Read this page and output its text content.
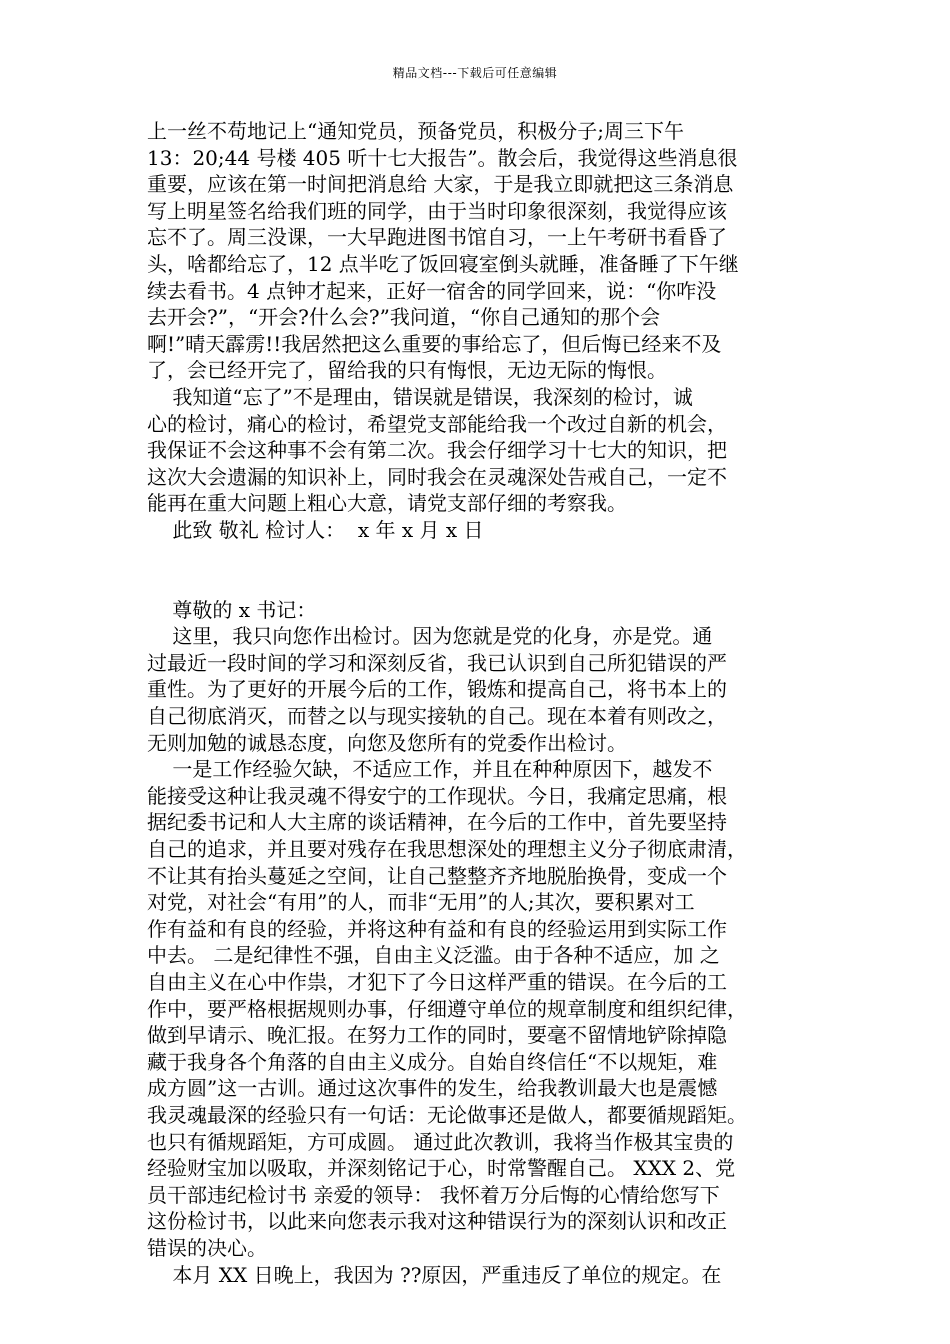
精品文档---下载后可任意编辑
上一丝不苟地记上“通知党员，预备党员，积极分子;周三下午
13：20;44 号楼 405 听十七大报告”。散会后，我觉得这些消息很
重要，应该在第一时间把消息给 大家，于是我立即就把这三条消息
写上明星签名给我们班的同学，由于当时印象很深刻，我觉得应该
忘不了。周三没课，一大早跑进图书馆自习，一上午考研书看昏了
头，啥都给忘了，12 点半吃了饭回寝室倒头就睡，准备睡了下午继
续去看书。4 点钟才起来，正好一宿舍的同学回来，说：“你咋没
去开会?”，“开会?什么会?”我问道，“你自己通知的那个会
啊!”晴天霹雳!!我居然把这么重要的事给忘了，但后悔已经来不及
了，会已经开完了，留给我的只有悔恨，无边无际的悔恨。
我知道“忘了”不是理由，错误就是错误，我深刻的检讨，诚
心的检讨，痛心的检讨，希望党支部能给我一个改过自新的机会，
我保证不会这种事不会有第二次。我会仔细学习十七大的知识，把
这次大会遗漏的知识补上，同时我会在灵魂深处告戒自己，一定不
能再在重大问题上粗心大意，请党支部仔细的考察我。
此致 敬礼 检讨人：  x 年 x 月 x 日
尊敬的 x 书记：
这里，我只向您作出检讨。因为您就是党的化身，亦是党。通
过最近一段时间的学习和深刻反省，我已认识到自己所犯错误的严
重性。为了更好的开展今后的工作，锻炼和提高自己，将书本上的
自己彻底消灭，而替之以与现实接轨的自己。现在本着有则改之，
无则加勉的诚恳态度，向您及您所有的党委作出检讨。
一是工作经验欠缺，不适应工作，并且在种种原因下，越发不
能接受这种让我灵魂不得安宁的工作现状。今日，我痛定思痛，根
据纪委书记和人大主席的谈话精神，在今后的工作中，首先要坚持
自己的追求，并且要对残存在我思想深处的理想主义分子彻底肃清，
不让其有抬头蔓延之空间，让自己整整齐齐地脱胎换骨，变成一个
对党，对社会“有用”的人，而非“无用”的人;其次，要积累对工
作有益和有良的经验，并将这种有益和有良的经验运用到实际工作
中去。 二是纪律性不强，自由主义泛滥。由于各种不适应，加 之
自由主义在心中作祟，才犯下了今日这样严重的错误。在今后的工
作中，要严格根据规则办事，仔细遵守单位的规章制度和组织纪律，
做到早请示、晚汇报。在努力工作的同时，要毫不留情地铲除掉隐
藏于我身各个角落的自由主义成分。自始自终信任“不以规矩，难
成方圆”这一古训。通过这次事件的发生，给我教训最大也是震憾
我灵魂最深的经验只有一句话：无论做事还是做人，都要循规蹈矩。
也只有循规蹈矩，方可成圆。 通过此次教训，我将当作极其宝贵的
经验财宝加以吸取，并深刻铭记于心，时常警醒自己。 XXX 2、党
员干部违纪检讨书 亲爱的领导： 我怀着万分后悔的心情给您写下
这份检讨书，以此来向您表示我对这种错误行为的深刻认识和改正
错误的决心。
本月 XX 日晚上，我因为 ??原因，严重违反了单位的规定。在
